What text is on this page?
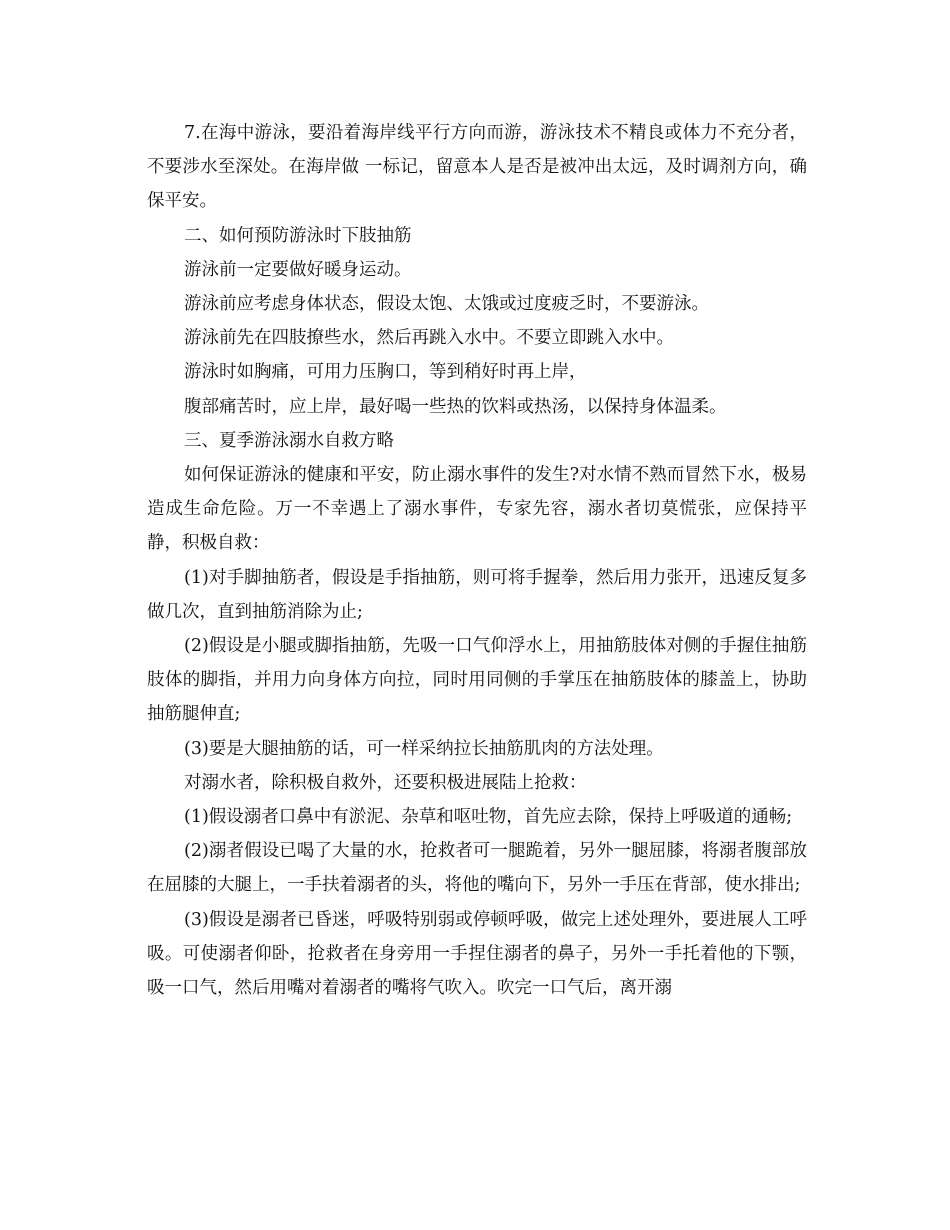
7.在海中游泳，要沿着海岸线平行方向而游，游泳技术不精良或体力不充分者，不要涉水至深处。在海岸做 一标记，留意本人是否是被冲出太远，及时调剂方向，确保平安。

二、如何预防游泳时下肢抽筋

游泳前一定要做好暖身运动。

游泳前应考虑身体状态，假设太饱、太饿或过度疲乏时，不要游泳。

游泳前先在四肢撩些水，然后再跳入水中。不要立即跳入水中。

游泳时如胸痛，可用力压胸口，等到稍好时再上岸，

腹部痛苦时，应上岸，最好喝一些热的饮料或热汤，以保持身体温柔。

三、夏季游泳溺水自救方略

如何保证游泳的健康和平安，防止溺水事件的发生?对水情不熟而冒然下水，极易造成生命危险。万一不幸遇上了溺水事件，专家先容，溺水者切莫慌张，应保持平静，积极自救：

(1)对手脚抽筋者，假设是手指抽筋，则可将手握拳，然后用力张开，迅速反复多做几次，直到抽筋消除为止;

(2)假设是小腿或脚指抽筋，先吸一口气仰浮水上，用抽筋肢体对侧的手握住抽筋肢体的脚指，并用力向身体方向拉，同时用同侧的手掌压在抽筋肢体的膝盖上，协助抽筋腿伸直;

(3)要是大腿抽筋的话，可一样采纳拉长抽筋肌肉的方法处理。

对溺水者，除积极自救外，还要积极进展陆上抢救：

(1)假设溺者口鼻中有淤泥、杂草和呕吐物，首先应去除，保持上呼吸道的通畅;

(2)溺者假设已喝了大量的水，抢救者可一腿跪着，另外一腿屈膝，将溺者腹部放在屈膝的大腿上，一手扶着溺者的头，将他的嘴向下，另外一手压在背部，使水排出;

(3)假设是溺者已昏迷，呼吸特别弱或停顿呼吸，做完上述处理外，要进展人工呼吸。可使溺者仰卧，抢救者在身旁用一手捏住溺者的鼻子，另外一手托着他的下颚，吸一口气，然后用嘴对着溺者的嘴将气吹入。吹完一口气后，离开溺
